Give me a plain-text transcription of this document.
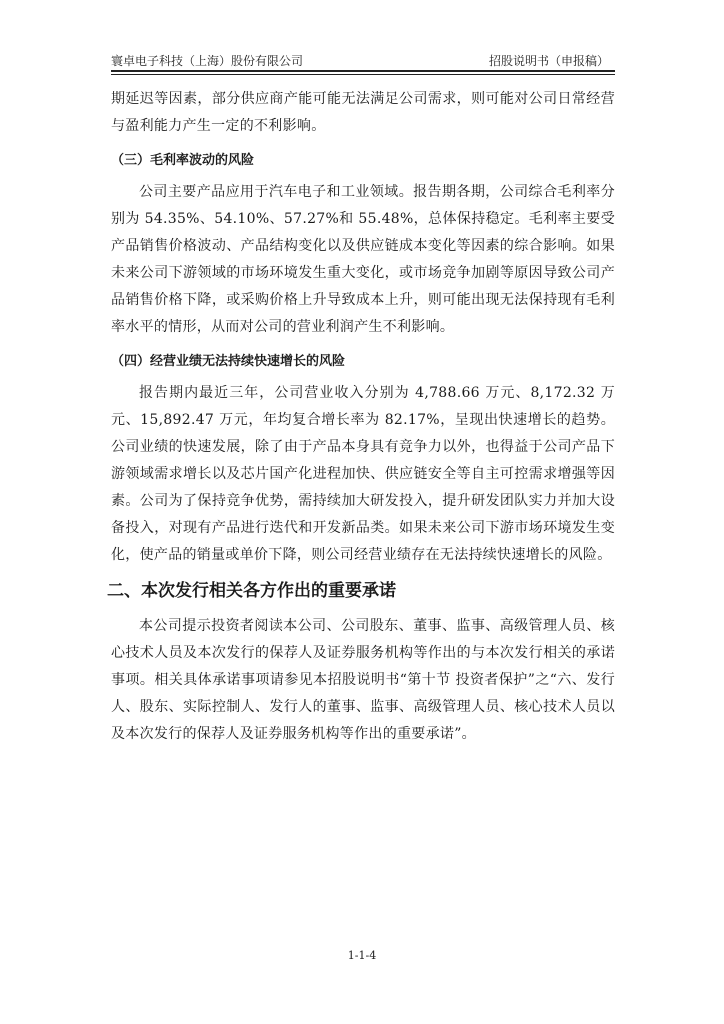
寰卓电子科技（上海）股份有限公司	招股说明书（申报稿）

期延迟等因素，部分供应商产能可能无法满足公司需求，则可能对公司日常经营与盈利能力产生一定的不利影响。

（三）毛利率波动的风险

公司主要产品应用于汽车电子和工业领域。报告期各期，公司综合毛利率分别为 54.35%、54.10%、57.27%和 55.48%，总体保持稳定。毛利率主要受产品销售价格波动、产品结构变化以及供应链成本变化等因素的综合影响。如果未来公司下游领域的市场环境发生重大变化，或市场竞争加剧等原因导致公司产品销售价格下降，或采购价格上升导致成本上升，则可能出现无法保持现有毛利率水平的情形，从而对公司的营业利润产生不利影响。

（四）经营业绩无法持续快速增长的风险

报告期内最近三年，公司营业收入分别为 4,788.66 万元、8,172.32 万元、15,892.47 万元，年均复合增长率为 82.17%，呈现出快速增长的趋势。公司业绩的快速发展，除了由于产品本身具有竞争力以外，也得益于公司产品下游领域需求增长以及芯片国产化进程加快、供应链安全等自主可控需求增强等因素。公司为了保持竞争优势，需持续加大研发投入，提升研发团队实力并加大设备投入，对现有产品进行迭代和开发新品类。如果未来公司下游市场环境发生变化，使产品的销量或单价下降，则公司经营业绩存在无法持续快速增长的风险。

二、本次发行相关各方作出的重要承诺

本公司提示投资者阅读本公司、公司股东、董事、监事、高级管理人员、核心技术人员及本次发行的保荐人及证券服务机构等作出的与本次发行相关的承诺事项。相关具体承诺事项请参见本招股说明书“第十节 投资者保护”之“六、发行人、股东、实际控制人、发行人的董事、监事、高级管理人员、核心技术人员以及本次发行的保荐人及证券服务机构等作出的重要承诺”。

1-1-4
